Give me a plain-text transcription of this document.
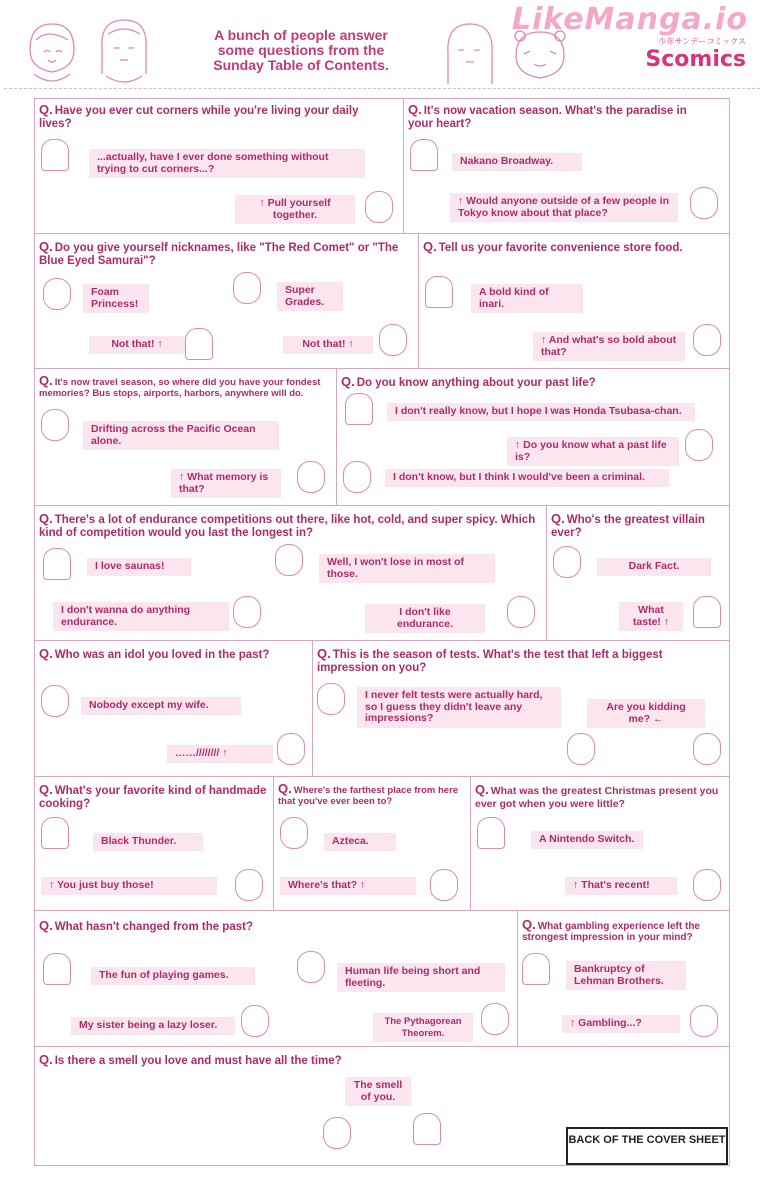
A bunch of people answer some questions from the Sunday Table of Contents.
LikeManga.io
少年サンデーコミックス
Scomics
Q. Have you ever cut corners while you're living your daily lives?
...actually, have I ever done something without trying to cut corners...?
↑ Pull yourself together.
Q. It's now vacation season. What's the paradise in your heart?
Nakano Broadway.
↑ Would anyone outside of a few people in Tokyo know about that place?
Q. Do you give yourself nicknames, like "The Red Comet" or "The Blue Eyed Samurai"?
Foam Princess!
Super Grades.
Not that! ↑	Not that! ↑
Q. Tell us your favorite convenience store food.
A bold kind of inari.
↑ And what's so bold about that?
Q. It's now travel season, so where did you have your fondest memories? Bus stops, airports, harbors, anywhere will do.
Drifting across the Pacific Ocean alone.
↑ What memory is that?
Q. Do you know anything about your past life?
I don't really know, but I hope I was Honda Tsubasa-chan.
↑ Do you know what a past life is?
I don't know, but I think I would've been a criminal.
Q. There's a lot of endurance competitions out there, like hot, cold, and super spicy. Which kind of competition would you last the longest in?
I love saunas!	Well, I won't lose in most of those.
I don't wanna do anything endurance.
I don't like endurance.
Q. Who's the greatest villain ever?
Dark Fact.
What taste! ↑
Q. Who was an idol you loved in the past?
Nobody except my wife.
……//////// ↑
Q. This is the season of tests. What's the test that left a biggest impression on you?
I never felt tests were actually hard, so I guess they didn't leave any impressions?
Are you kidding me? ←
Q. What's your favorite kind of handmade cooking?
Black Thunder.
↑ You just buy those!
Q. Where's the farthest place from here that you've ever been to?
Azteca.
Where's that? ↑
Q. What was the greatest Christmas present you ever got when you were little?
A Nintendo Switch.
↑ That's recent!
Q. What hasn't changed from the past?
The fun of playing games.	Human life being short and fleeting.
My sister being a lazy loser.	The Pythagorean Theorem.
Q. What gambling experience left the strongest impression in your mind?
Bankruptcy of Lehman Brothers.
↑ Gambling...?
Q. Is there a smell you love and must have all the time?
The smell of you.
BACK OF THE COVER SHEET
